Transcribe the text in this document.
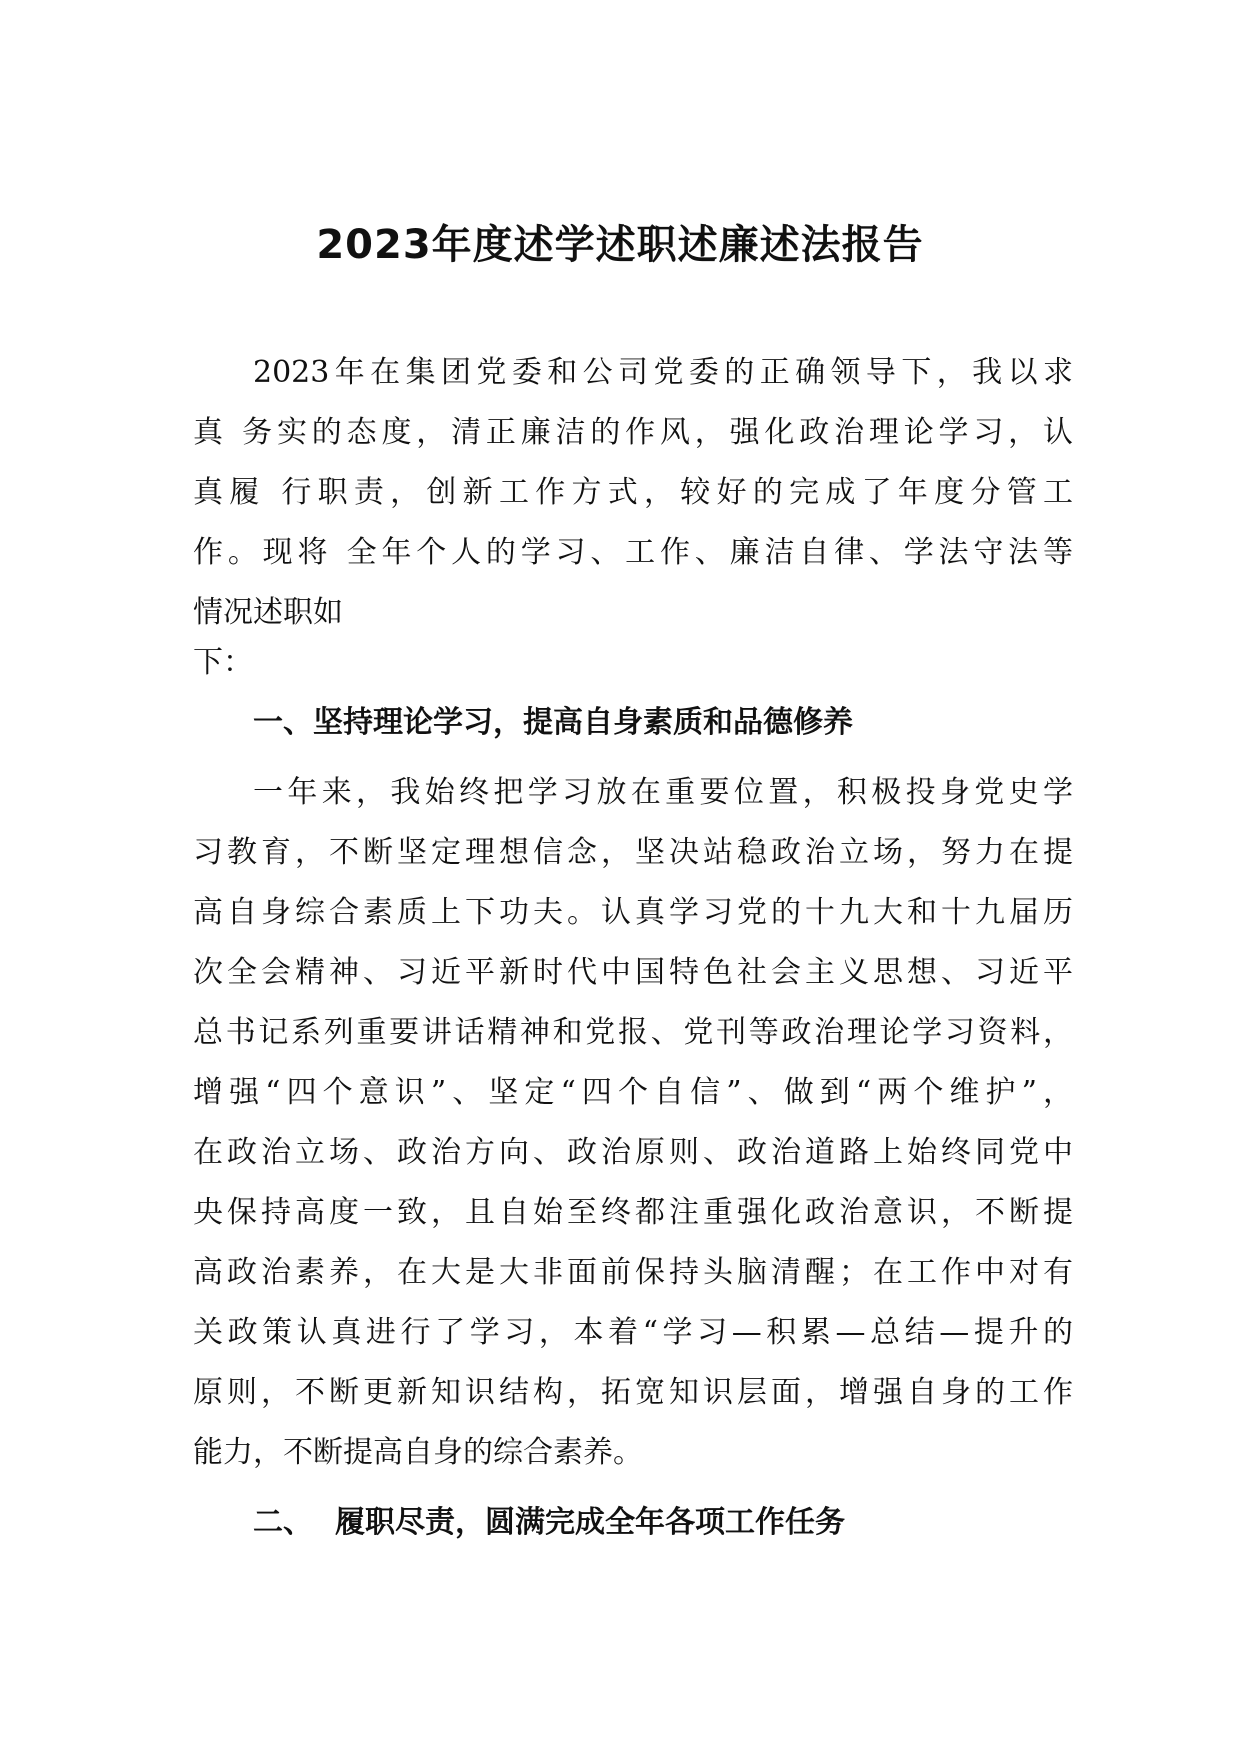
2023年度述学述职述廉述法报告
2023年在集团党委和公司党委的正确领导下，我以求
真 务实的态度，清正廉洁的作风，强化政治理论学习，认
真履 行职责，创新工作方式，较好的完成了年度分管工
作。现将 全年个人的学习、工作、廉洁自律、学法守法等
情况述职如
下：
一、坚持理论学习，提高自身素质和品德修养
一年来，我始终把学习放在重要位置，积极投身党史学
习教育，不断坚定理想信念，坚决站稳政治立场，努力在提
高自身综合素质上下功夫。认真学习党的十九大和十九届历
次全会精神、习近平新时代中国特色社会主义思想、习近平
总书记系列重要讲话精神和党报、党刊等政治理论学习资料，
增强“四个意识”、坚定“四个自信”、做到“两个维护”，
在政治立场、政治方向、政治原则、政治道路上始终同党中
央保持高度一致，且自始至终都注重强化政治意识，不断提
高政治素养，在大是大非面前保持头脑清醒；在工作中对有
关政策认真进行了学习，本着“学习—积累—总结—提升的
原则，不断更新知识结构，拓宽知识层面，增强自身的工作
能力，不断提高自身的综合素养。
二、 履职尽责，圆满完成全年各项工作任务
